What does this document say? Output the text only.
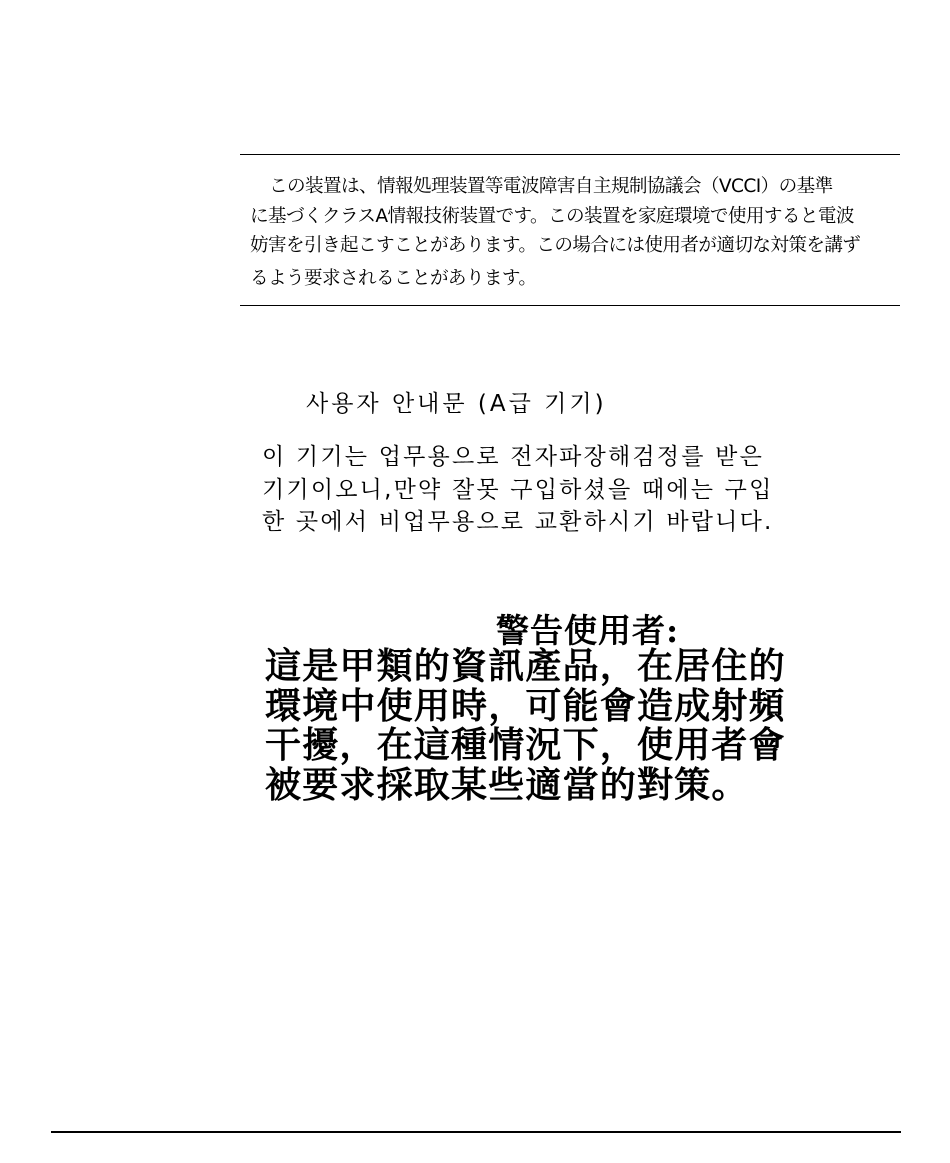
この装置は、情報処理装置等電波障害自主規制協議会（VCCI）の基準
に基づくクラスA情報技術装置です。この装置を家庭環境で使用すると電波
妨害を引き起こすことがあります。この場合には使用者が適切な対策を講ず
るよう要求されることがあります。
사용자 안내문 (A급 기기)
이 기기는 업무용으로 전자파장해검정를 받은
기기이오니,만약 잘못 구입하셨을 때에는 구입
한 곳에서 비업무용으로 교환하시기 바랍니다.
警告使用者:
這是甲類的資訊產品，在居住的
環境中使用時，可能會造成射頻
干擾，在這種情況下，使用者會
被要求採取某些適當的對策。
